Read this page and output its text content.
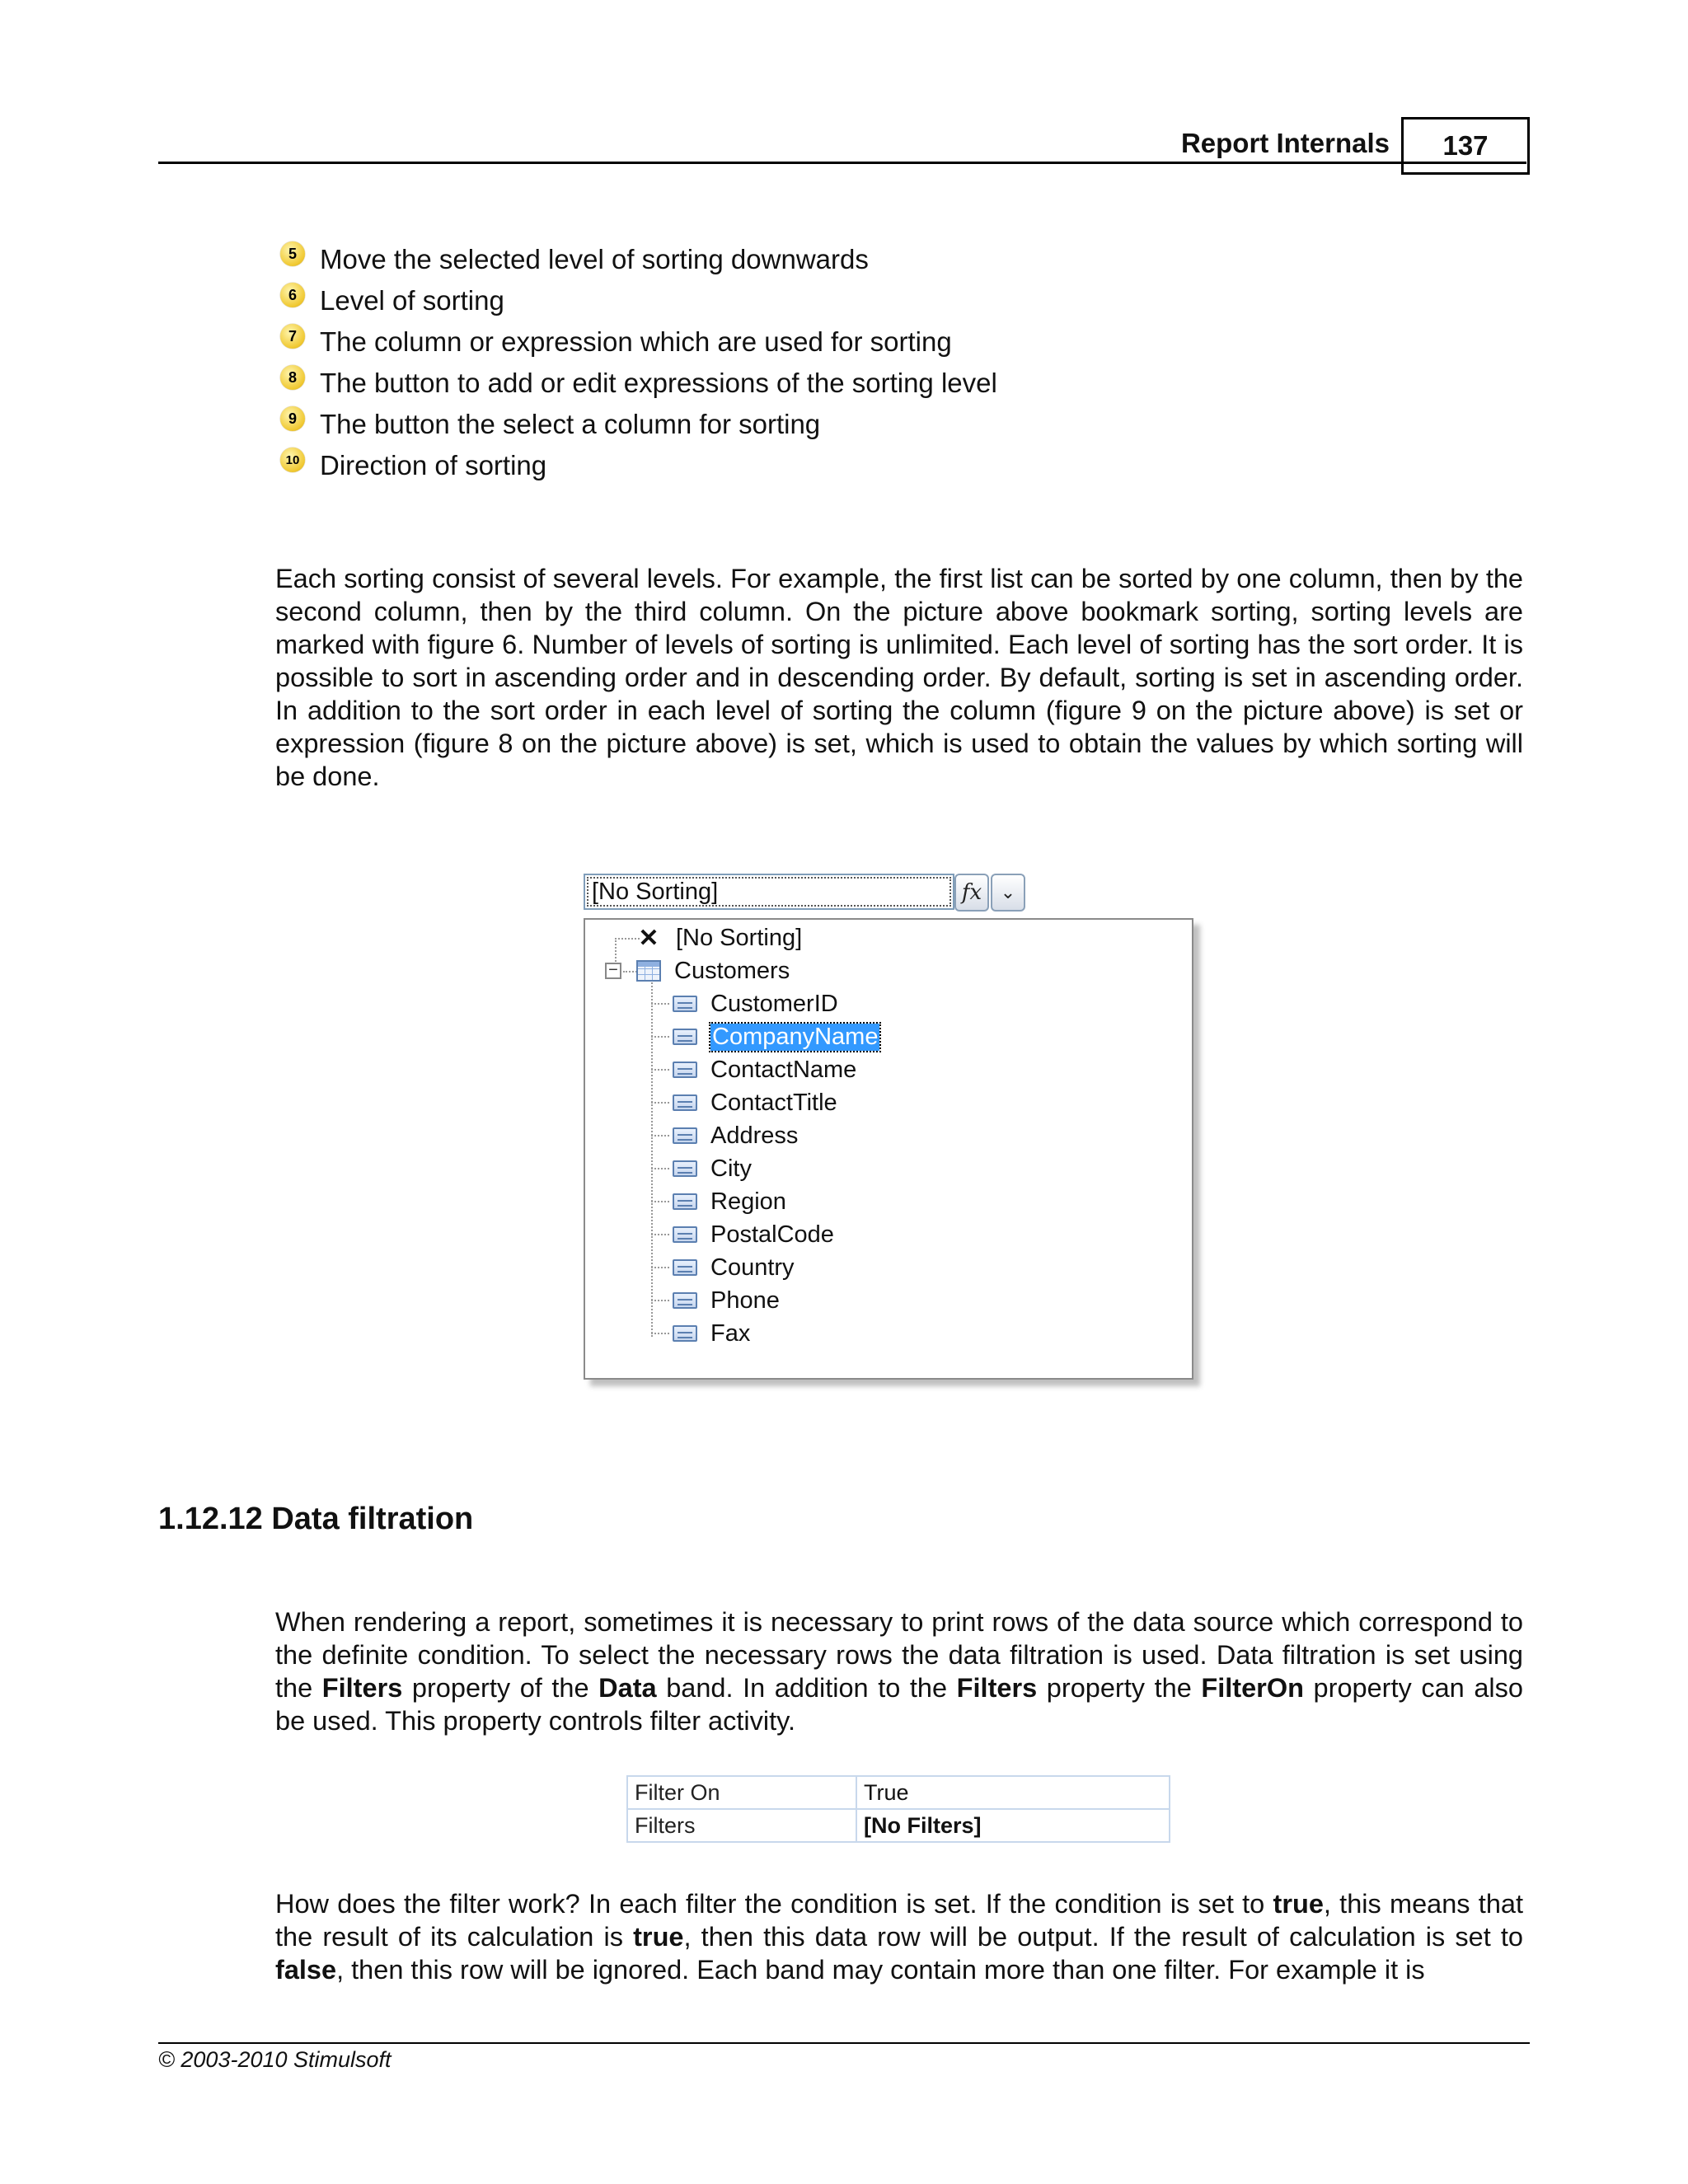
Report Internals	137
5 Move the selected level of sorting downwards
6 Level of sorting
7 The column or expression which are used for sorting
8 The button to add or edit expressions of the sorting level
9 The button the select a column for sorting
10 Direction of sorting
Each sorting consist of several levels. For example, the first list can be sorted by one column, then by the second column, then by the third column. On the picture above bookmark sorting, sorting levels are marked with figure 6. Number of levels of sorting is unlimited. Each level of sorting has the sort order. It is possible to sort in ascending order and in descending order. By default, sorting is set in ascending order. In addition to the sort order in each level of sorting the column (figure 9 on the picture above) is set or expression (figure 8 on the picture above) is set, which is used to obtain the values by which sorting will be done.
[No Sorting]	fx ⌄
−
✕ [No Sorting]
Customers
CustomerID
CompanyName
ContactName
ContactTitle
Address
City
Region
PostalCode
Country
Phone
Fax
1.12.12 Data filtration
When rendering a report, sometimes it is necessary to print rows of the data source which correspond to the definite condition. To select the necessary rows the data filtration is used. Data filtration is set using the Filters property of the Data band. In addition to the Filters property the FilterOn property can also be used. This property controls filter activity.
Filter On	True
Filters	[No Filters]
How does the filter work? In each filter the condition is set. If the condition is set to true, this means that the result of its calculation is true, then this data row will be output. If the result of calculation is set to false, then this row will be ignored. Each band may contain more than one filter. For example it is
© 2003-2010 Stimulsoft
